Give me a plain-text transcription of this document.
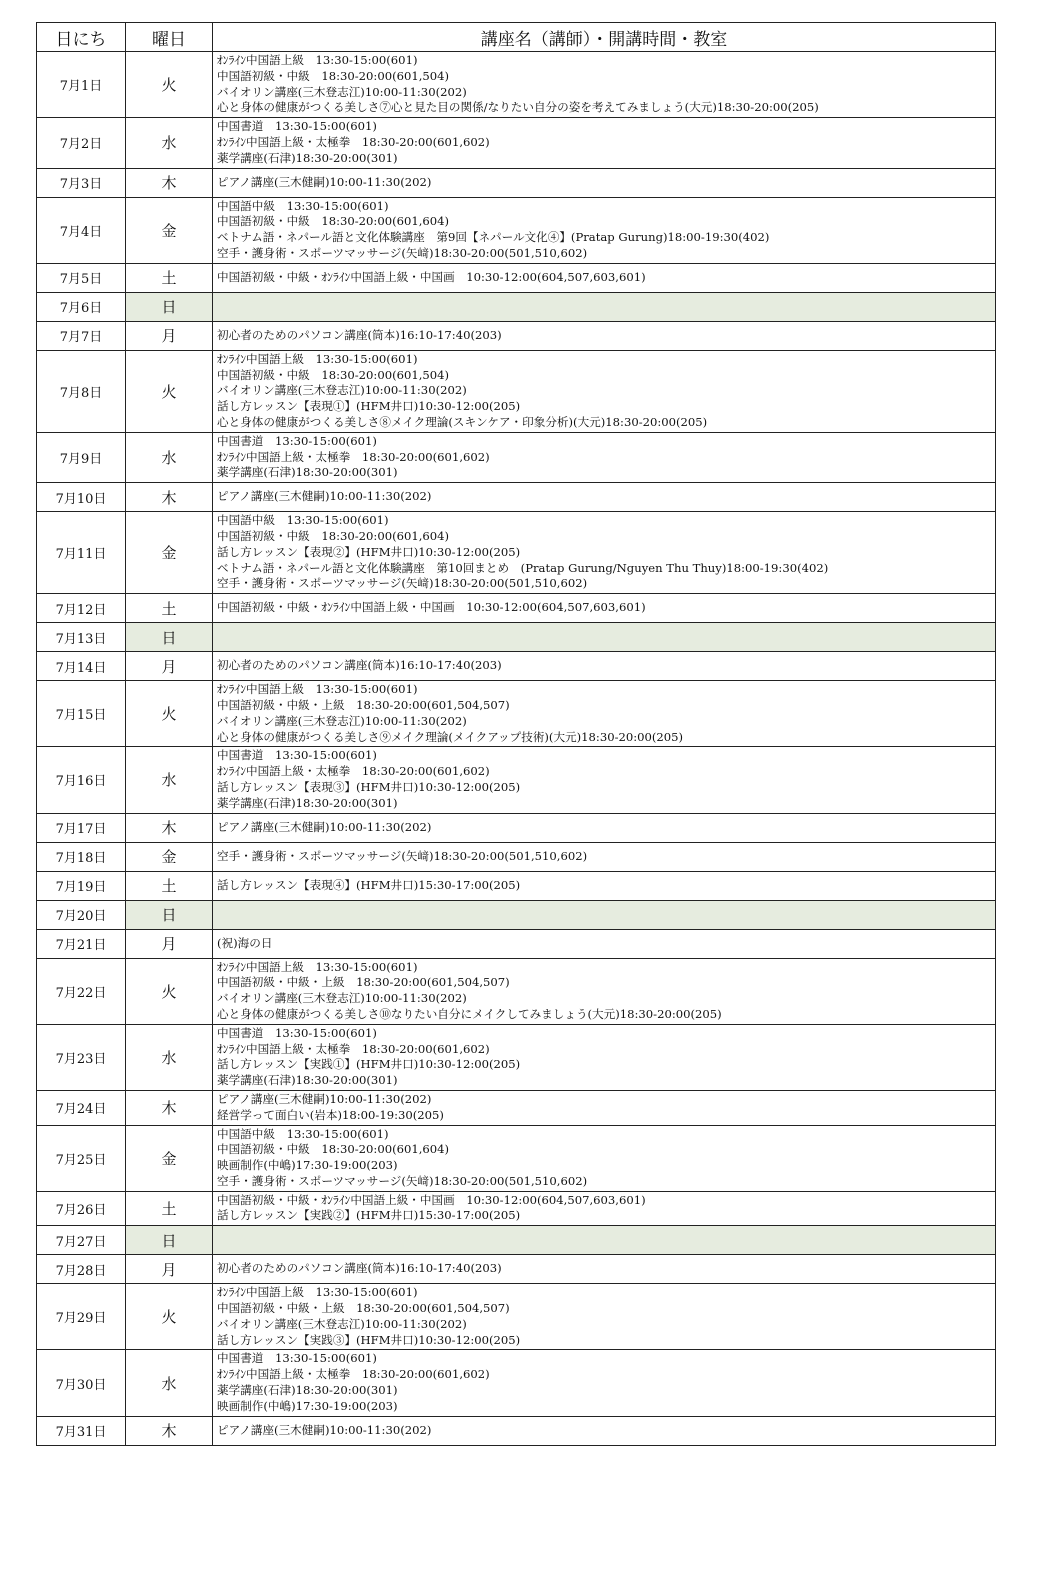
日にち	曜日	講座名（講師）・開講時間・教室
7月1日	火	ｵﾝﾗｲﾝ中国語上級　13:30-15:00(601)
中国語初級・中級　18:30-20:00(601,504)
バイオリン講座(三木登志江)10:00-11:30(202)
心と身体の健康がつくる美しさ⑦心と見た目の関係/なりたい自分の姿を考えてみましょう(大元)18:30-20:00(205)

7月2日	水	中国書道　13:30-15:00(601)
ｵﾝﾗｲﾝ中国語上級・太極拳　18:30-20:00(601,602)
薬学講座(石津)18:30-20:00(301)

7月3日	木	ピアノ講座(三木健嗣)10:00-11:30(202)

7月4日	金	中国語中級　13:30-15:00(601)
中国語初級・中級　18:30-20:00(601,604)
ベトナム語・ネパール語と文化体験講座　第9回【ネパール文化④】(Pratap Gurung)18:00-19:30(402)
空手・護身術・スポーツマッサージ(矢﨑)18:30-20:00(501,510,602)

7月5日	土	中国語初級・中級・ｵﾝﾗｲﾝ中国語上級・中国画　10:30-12:00(604,507,603,601)

7月6日	日	
7月7日	月	初心者のためのパソコン講座(筒本)16:10-17:40(203)

7月8日	火	ｵﾝﾗｲﾝ中国語上級　13:30-15:00(601)
中国語初級・中級　18:30-20:00(601,504)
バイオリン講座(三木登志江)10:00-11:30(202)
話し方レッスン【表現①】(HFM井口)10:30-12:00(205)
心と身体の健康がつくる美しさ⑧メイク理論(スキンケア・印象分析)(大元)18:30-20:00(205)

7月9日	水	中国書道　13:30-15:00(601)
ｵﾝﾗｲﾝ中国語上級・太極拳　18:30-20:00(601,602)
薬学講座(石津)18:30-20:00(301)

7月10日	木	ピアノ講座(三木健嗣)10:00-11:30(202)

7月11日	金	中国語中級　13:30-15:00(601)
中国語初級・中級　18:30-20:00(601,604)
話し方レッスン【表現②】(HFM井口)10:30-12:00(205)
ベトナム語・ネパール語と文化体験講座　第10回まとめ　(Pratap Gurung/Nguyen Thu Thuy)18:00-19:30(402)
空手・護身術・スポーツマッサージ(矢﨑)18:30-20:00(501,510,602)

7月12日	土	中国語初級・中級・ｵﾝﾗｲﾝ中国語上級・中国画　10:30-12:00(604,507,603,601)

7月13日	日	
7月14日	月	初心者のためのパソコン講座(筒本)16:10-17:40(203)

7月15日	火	ｵﾝﾗｲﾝ中国語上級　13:30-15:00(601)
中国語初級・中級・上級　18:30-20:00(601,504,507)
バイオリン講座(三木登志江)10:00-11:30(202)
心と身体の健康がつくる美しさ⑨メイク理論(メイクアップ技術)(大元)18:30-20:00(205)

7月16日	水	中国書道　13:30-15:00(601)
ｵﾝﾗｲﾝ中国語上級・太極拳　18:30-20:00(601,602)
話し方レッスン【表現③】(HFM井口)10:30-12:00(205)
薬学講座(石津)18:30-20:00(301)

7月17日	木	ピアノ講座(三木健嗣)10:00-11:30(202)

7月18日	金	空手・護身術・スポーツマッサージ(矢﨑)18:30-20:00(501,510,602)

7月19日	土	話し方レッスン【表現④】(HFM井口)15:30-17:00(205)

7月20日	日	
7月21日	月	(祝)海の日

7月22日	火	ｵﾝﾗｲﾝ中国語上級　13:30-15:00(601)
中国語初級・中級・上級　18:30-20:00(601,504,507)
バイオリン講座(三木登志江)10:00-11:30(202)
心と身体の健康がつくる美しさ⑩なりたい自分にメイクしてみましょう(大元)18:30-20:00(205)

7月23日	水	中国書道　13:30-15:00(601)
ｵﾝﾗｲﾝ中国語上級・太極拳　18:30-20:00(601,602)
話し方レッスン【実践①】(HFM井口)10:30-12:00(205)
薬学講座(石津)18:30-20:00(301)

7月24日	木	ピアノ講座(三木健嗣)10:00-11:30(202)
経営学って面白い(岩本)18:00-19:30(205)

7月25日	金	中国語中級　13:30-15:00(601)
中国語初級・中級　18:30-20:00(601,604)
映画制作(中嶋)17:30-19:00(203)
空手・護身術・スポーツマッサージ(矢﨑)18:30-20:00(501,510,602)

7月26日	土	中国語初級・中級・ｵﾝﾗｲﾝ中国語上級・中国画　10:30-12:00(604,507,603,601)
話し方レッスン【実践②】(HFM井口)15:30-17:00(205)

7月27日	日	
7月28日	月	初心者のためのパソコン講座(筒本)16:10-17:40(203)

7月29日	火	ｵﾝﾗｲﾝ中国語上級　13:30-15:00(601)
中国語初級・中級・上級　18:30-20:00(601,504,507)
バイオリン講座(三木登志江)10:00-11:30(202)
話し方レッスン【実践③】(HFM井口)10:30-12:00(205)

7月30日	水	中国書道　13:30-15:00(601)
ｵﾝﾗｲﾝ中国語上級・太極拳　18:30-20:00(601,602)
薬学講座(石津)18:30-20:00(301)
映画制作(中嶋)17:30-19:00(203)

7月31日	木	ピアノ講座(三木健嗣)10:00-11:30(202)
